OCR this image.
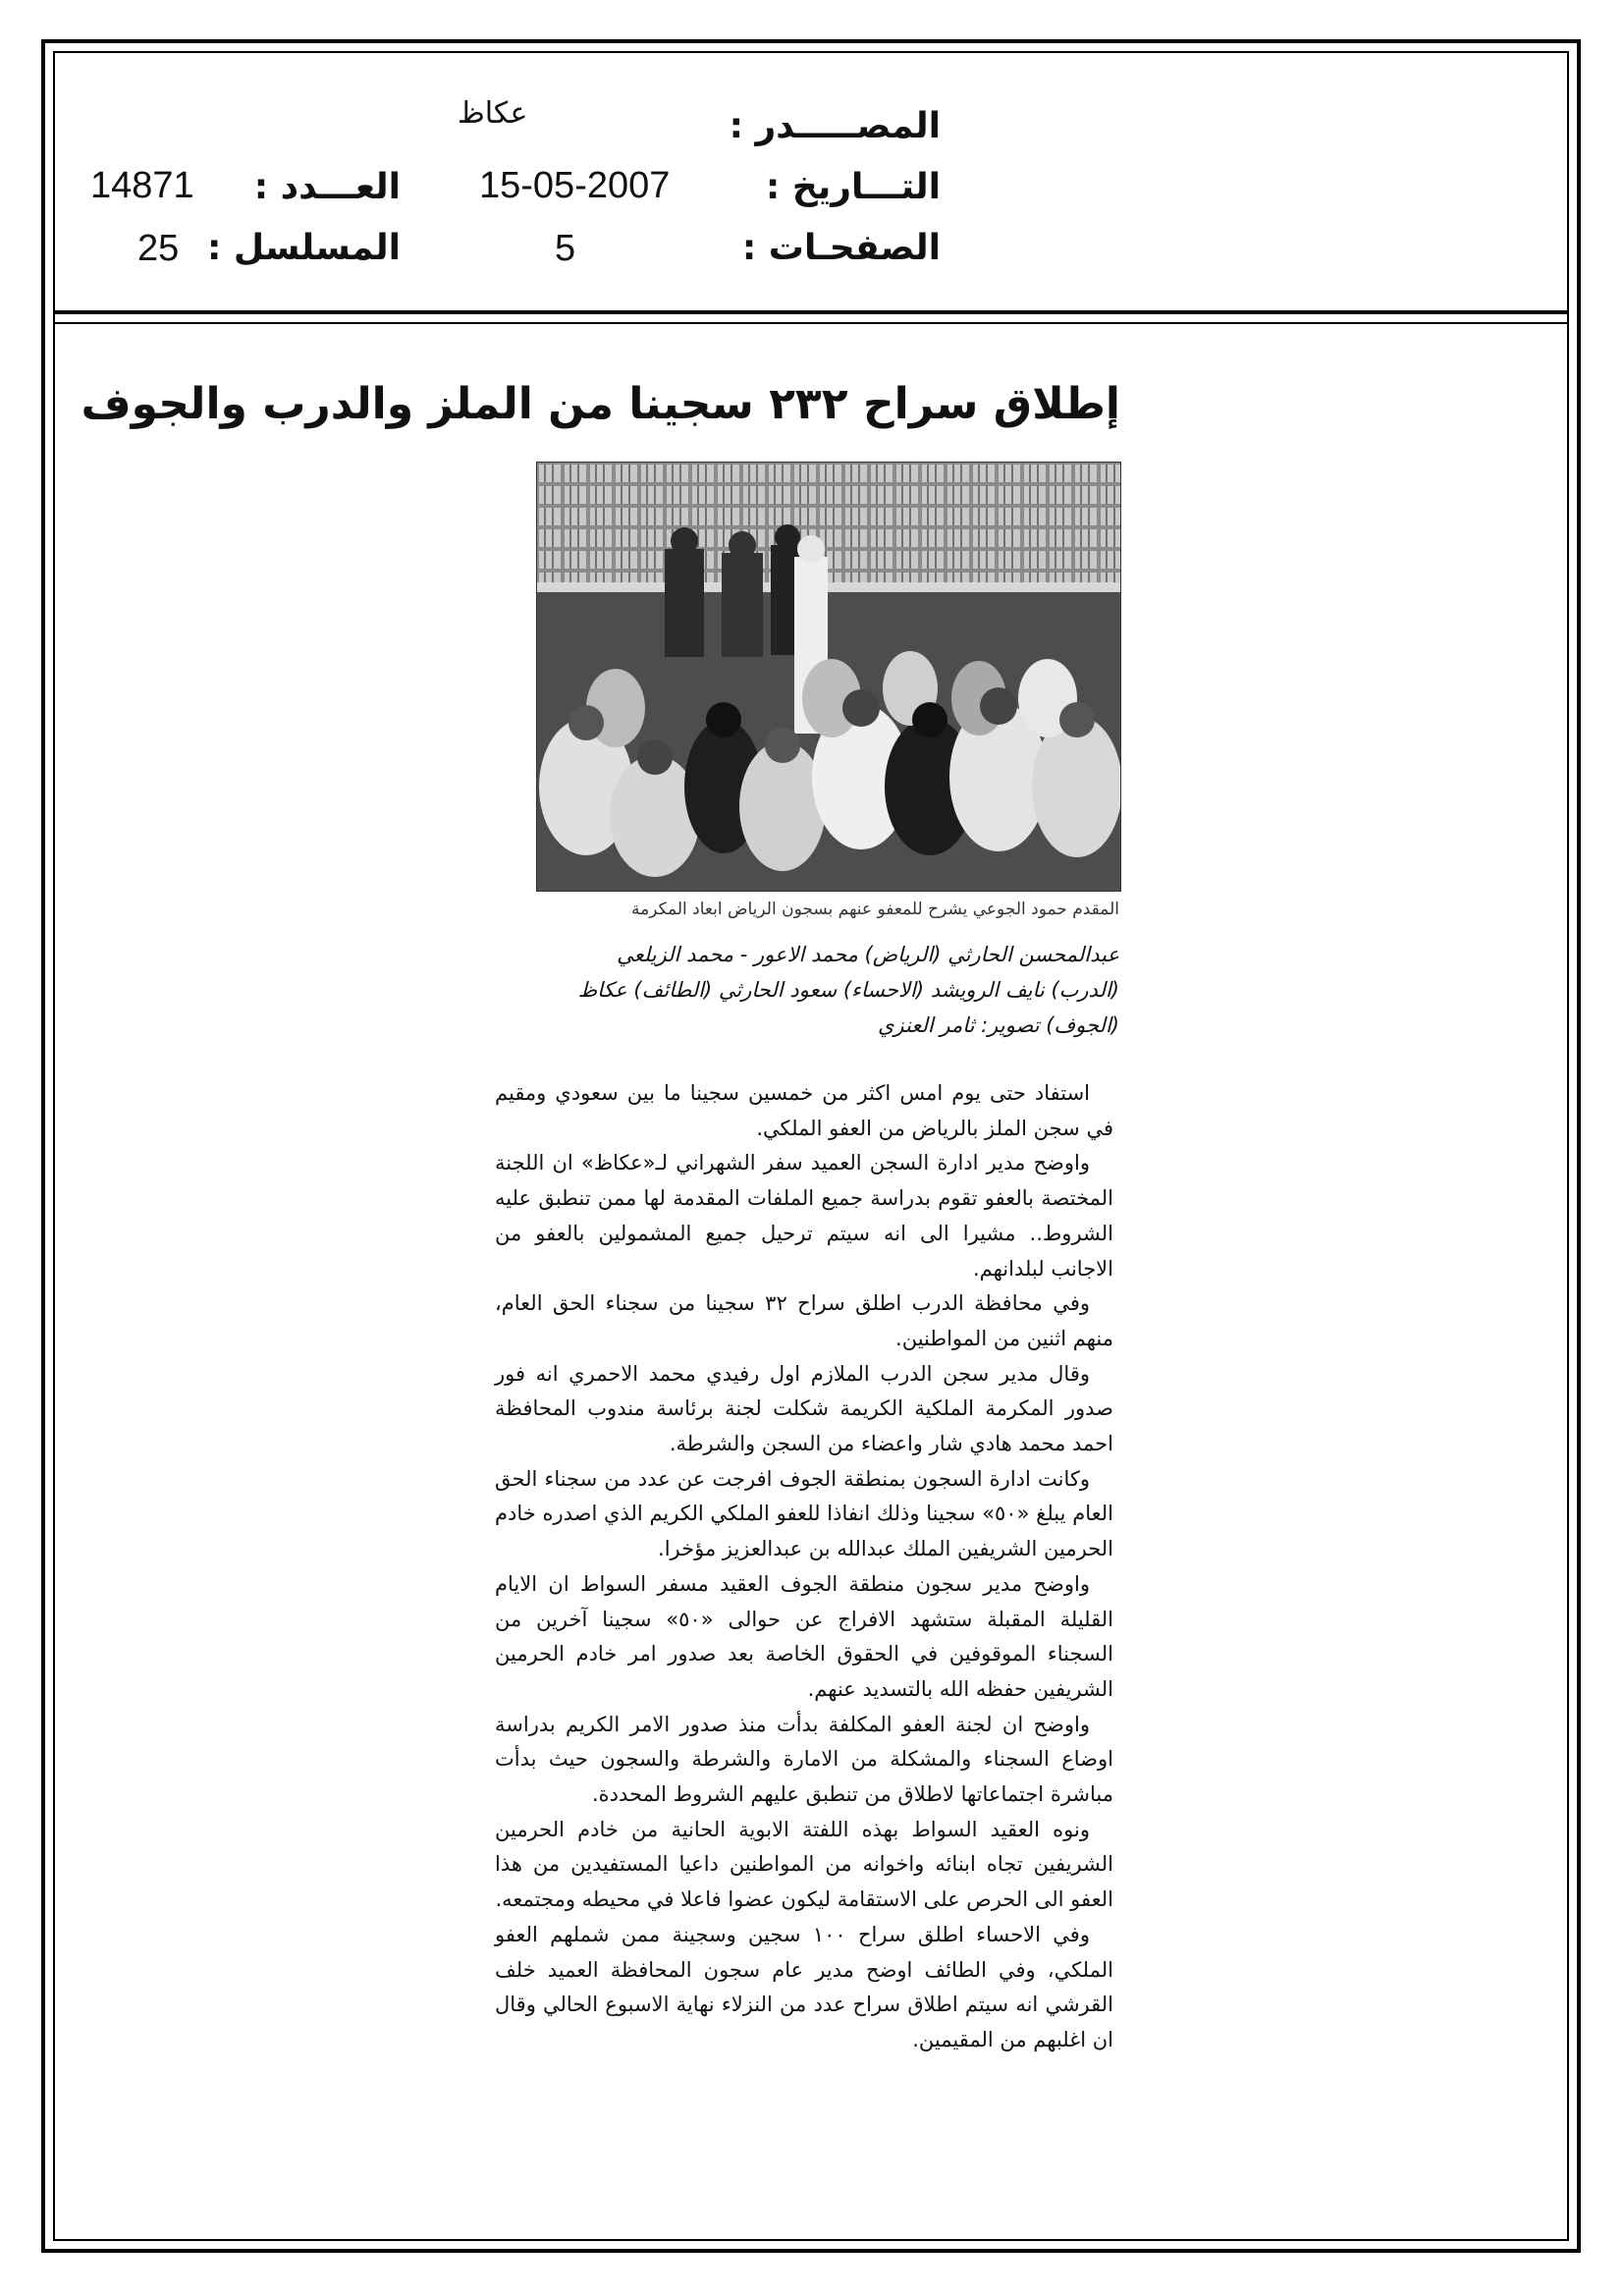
المصـــــدر :
عكاظ
التـــاريخ :
15-05-2007
العـــدد :
14871
الصفحـات :
5
المسلسل :
25
إطلاق سراح ٢٣٢ سجينا من الملز والدرب والجوف
المقدم حمود الجوعي يشرح للمعفو عنهم بسجون الرياض ابعاد المكرمة
عبدالمحسن الحارثي (الرياض) محمد الاعور - محمد الزيلعي
(الدرب) نايف الرويشد (الاحساء) سعود الحارثي (الطائف) عكاظ
(الجوف) تصوير: ثامر العنزي

استفاد حتى يوم امس اكثر من خمسين سجينا ما بين سعودي ومقيم في سجن الملز بالرياض من العفو الملكي.

واوضح مدير ادارة السجن العميد سفر الشهراني لـ«عكاظ» ان اللجنة المختصة بالعفو تقوم بدراسة جميع الملفات المقدمة لها ممن تنطبق عليه الشروط.. مشيرا الى انه سيتم ترحيل جميع المشمولين بالعفو من الاجانب لبلدانهم.

وفي محافظة الدرب اطلق سراح ٣٢ سجينا من سجناء الحق العام، منهم اثنين من المواطنين.

وقال مدير سجن الدرب الملازم اول رفيدي محمد الاحمري انه فور صدور المكرمة الملكية الكريمة شكلت لجنة برئاسة مندوب المحافظة احمد محمد هادي شار واعضاء من السجن والشرطة.

وكانت ادارة السجون بمنطقة الجوف افرجت عن عدد من سجناء الحق العام يبلغ «٥٠» سجينا وذلك انفاذا للعفو الملكي الكريم الذي اصدره خادم الحرمين الشريفين الملك عبدالله بن عبدالعزيز مؤخرا.

واوضح مدير سجون منطقة الجوف العقيد مسفر السواط ان الايام القليلة المقبلة ستشهد الافراج عن حوالى «٥٠» سجينا آخرين من السجناء الموقوفين في الحقوق الخاصة بعد صدور امر خادم الحرمين الشريفين حفظه الله بالتسديد عنهم.

واوضح ان لجنة العفو المكلفة بدأت منذ صدور الامر الكريم بدراسة اوضاع السجناء والمشكلة من الامارة والشرطة والسجون حيث بدأت مباشرة اجتماعاتها لاطلاق من تنطبق عليهم الشروط المحددة.

ونوه العقيد السواط بهذه اللفتة الابوية الحانية من خادم الحرمين الشريفين تجاه ابنائه واخوانه من المواطنين داعيا المستفيدين من هذا العفو الى الحرص على الاستقامة ليكون عضوا فاعلا في محيطه ومجتمعه.

وفي الاحساء اطلق سراح ١٠٠ سجين وسجينة ممن شملهم العفو الملكي، وفي الطائف اوضح مدير عام سجون المحافظة العميد خلف القرشي انه سيتم اطلاق سراح عدد من النزلاء نهاية الاسبوع الحالي وقال ان اغلبهم من المقيمين.
